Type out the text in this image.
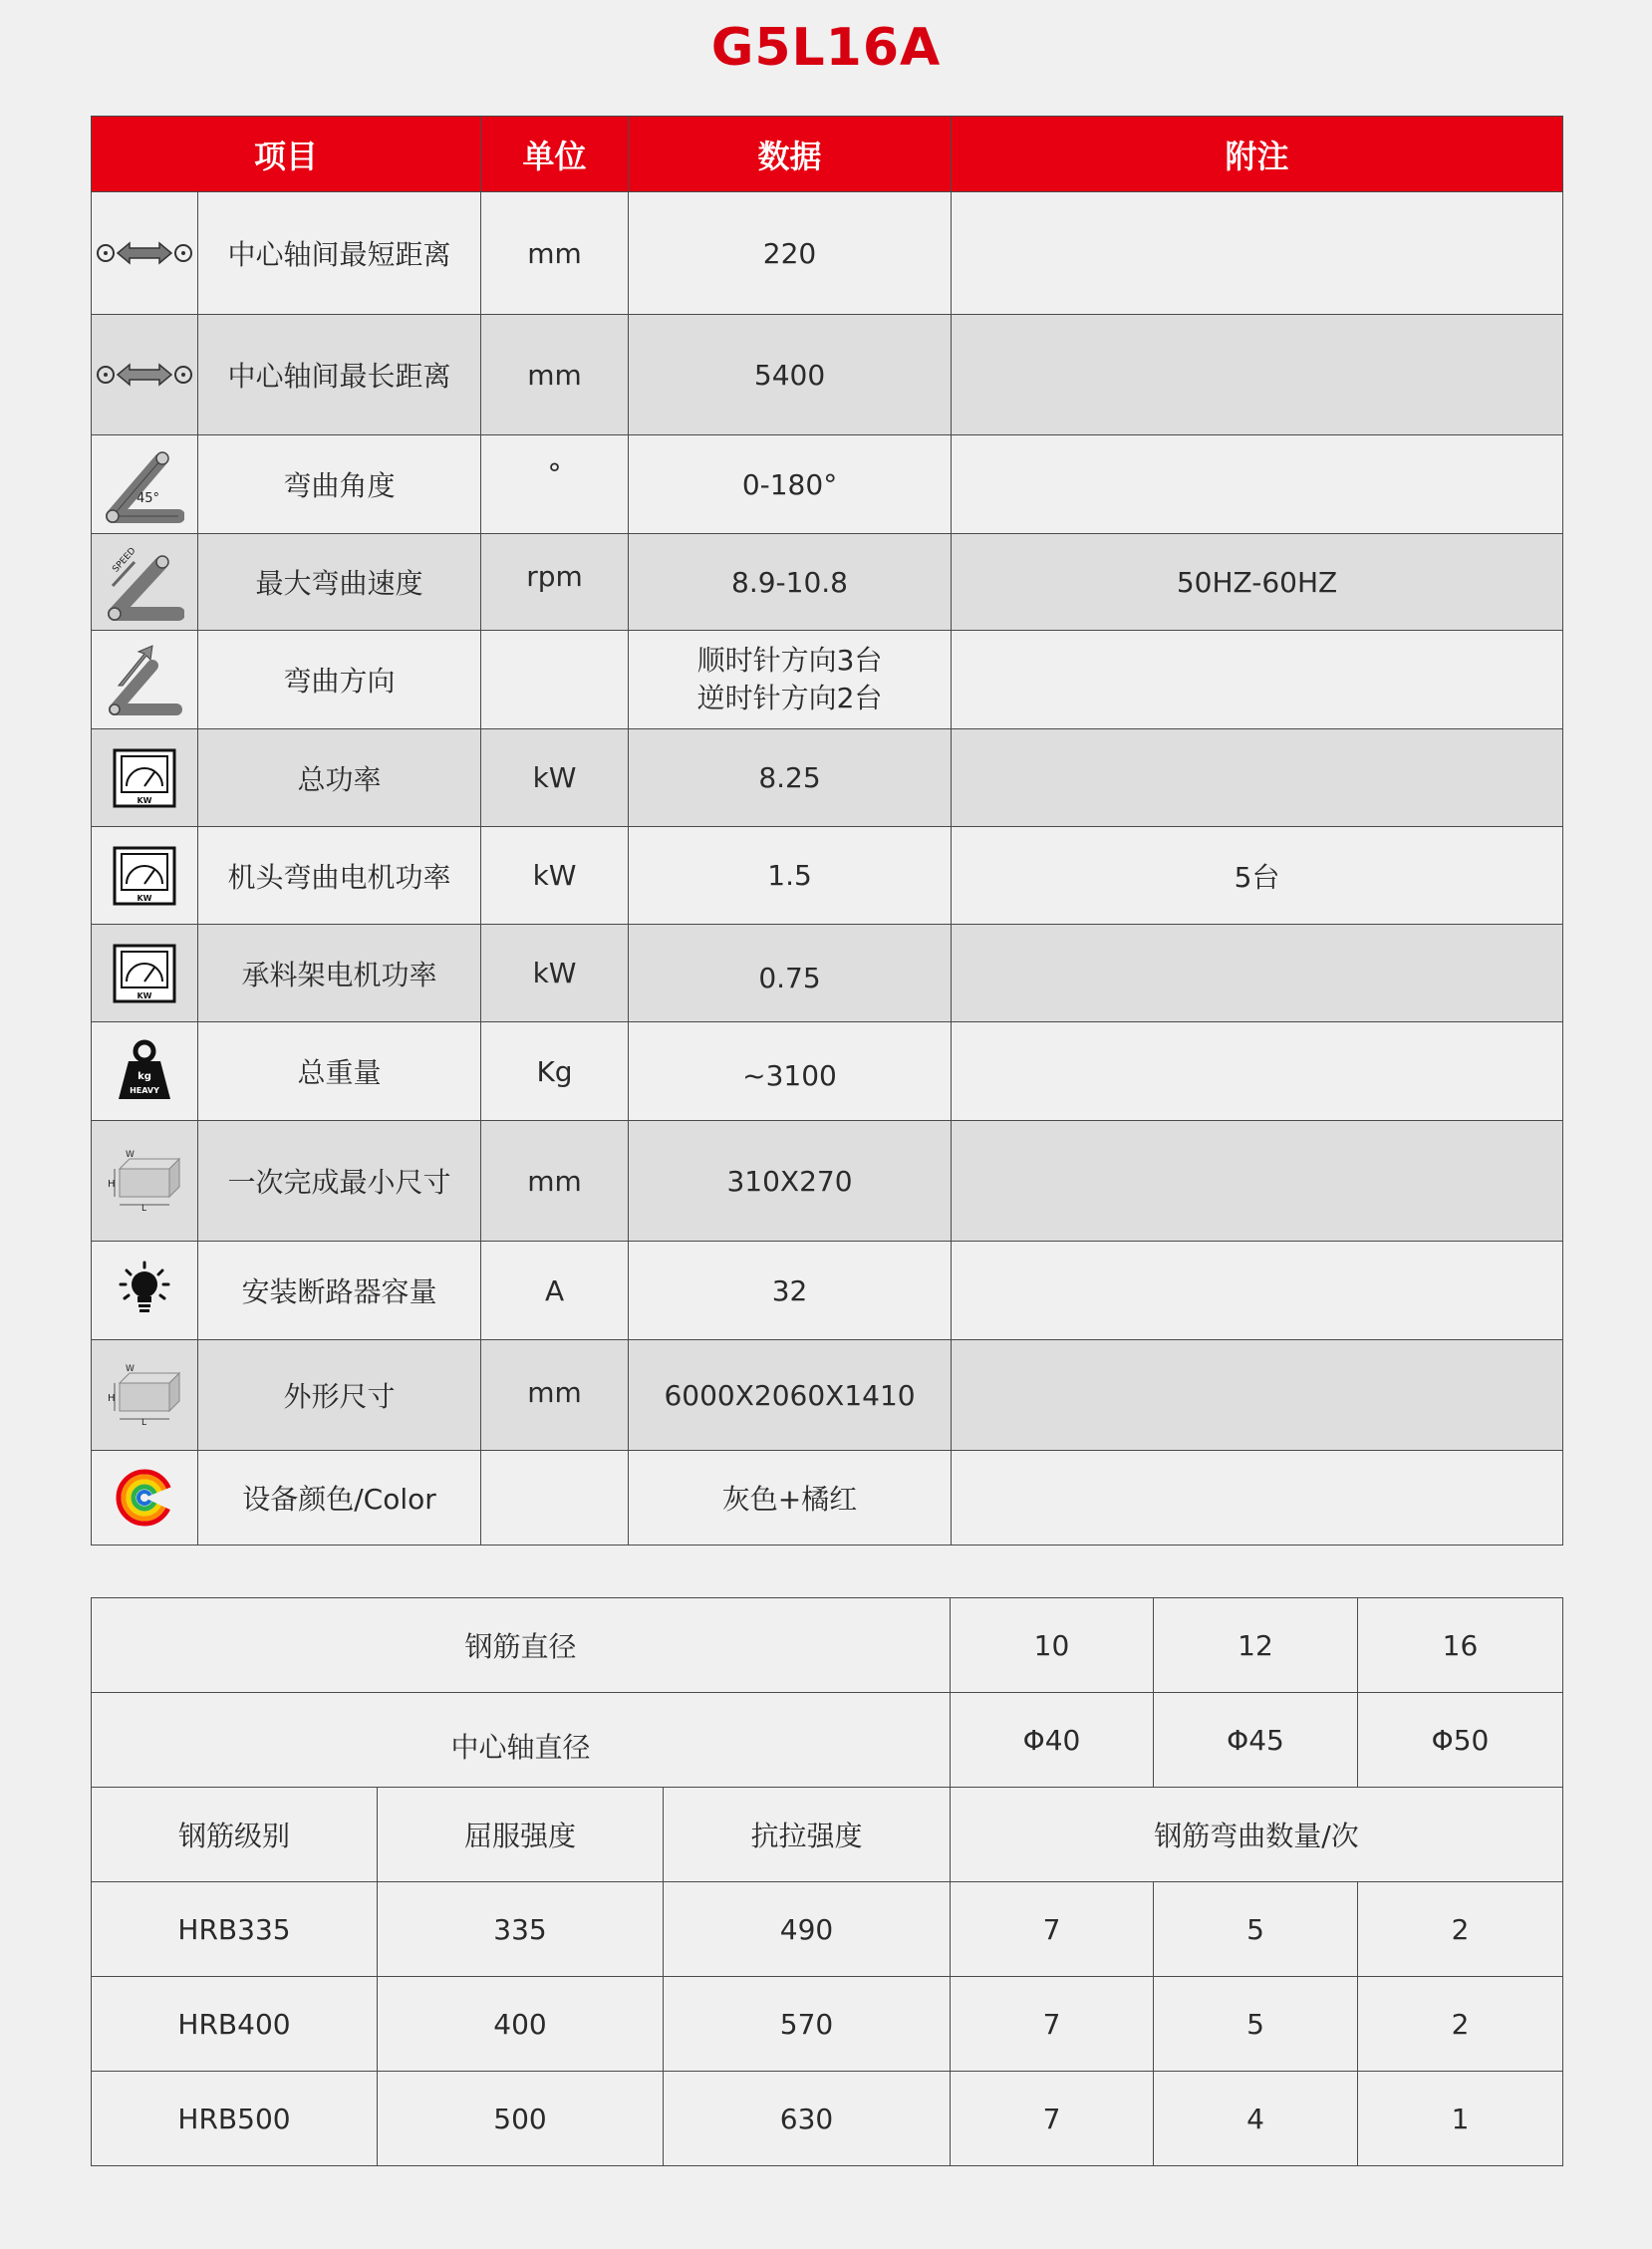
G5L16A
项目		单位	数据	附注

	中心轴间最短距离	mm	220	

	中心轴间最长距离	mm	5400	

45°	弯曲角度	°	0-180°	

SPEED	最大弯曲速度	rpm	8.9-10.8	50HZ-60HZ

	弯曲方向		顺时针方向3台
逆时针方向2台	

KW	总功率	kW	8.25	

KW	机头弯曲电机功率	kW	1.5	5台

KW	承料架电机功率	kW	0.75	

kg
HEAVY	总重量	Kg	~3100	

H
W
L	一次完成最小尺寸	mm	310X270	

	安装断路器容量	A	32	

H
W
L	外形尺寸	mm	6000X2060X1410	

	设备颜色/Color		灰色+橘红	
钢筋直径			10	12	16
中心轴直径			Φ40	Φ45	Φ50
钢筋级别	屈服强度	抗拉强度	钢筋弯曲数量/次		
HRB335	335	490	7	5	2
HRB400	400	570	7	5	2
HRB500	500	630	7	4	1
